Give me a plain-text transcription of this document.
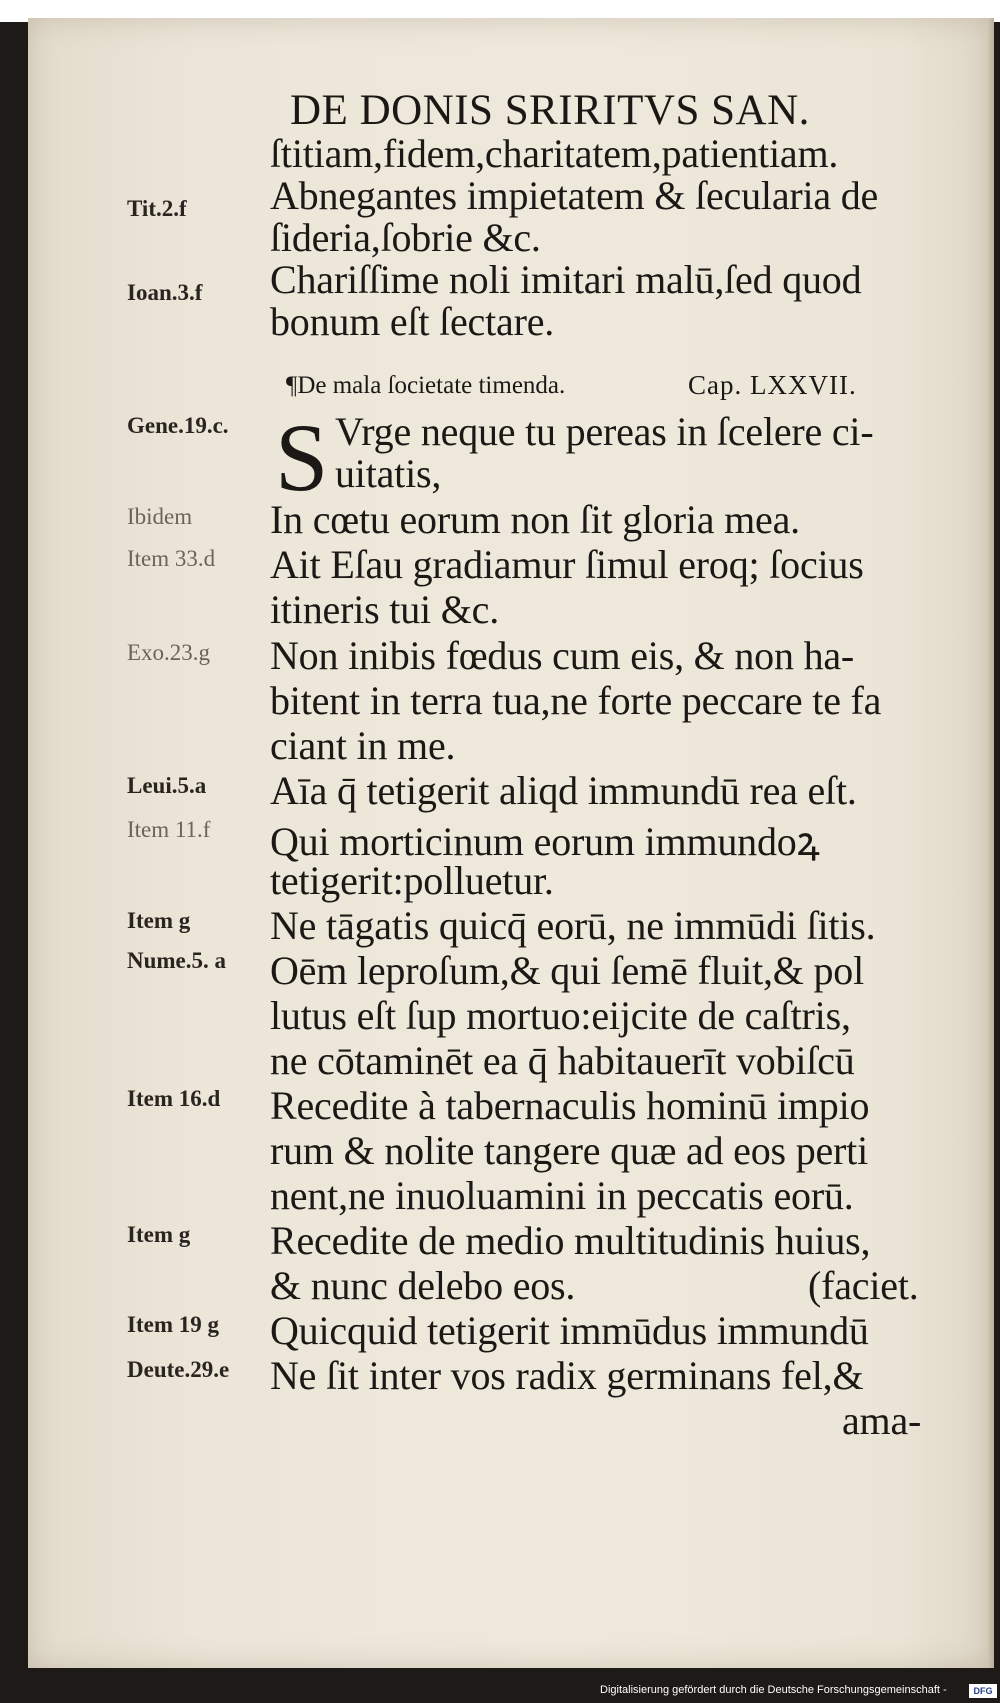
DE DONIS SRIRITVS SAN.
ſtitiam,fidem,charitatem,patientiam.
Abnegantes impietatem & ſecularia de
ſideria,ſobrie &c.
Chariſſime noli imitari malū,ſed quod
bonum eſt ſectare.
¶De mala ſocietate timenda.	Cap. LXXVII.
S Vrge neque tu pereas in ſcelere ci-
uitatis,
In cœtu eorum non ſit gloria mea.
Ait Eſau gradiamur ſimul eroq; ſocius
itineris tui &c.
Non inibis fœdus cum eis, & non ha-
bitent in terra tua,ne forte peccare te fa
ciant in me.
Aīa q̄ tetigerit aliqd immundū rea eſt.
Qui morticinum eorum immundoꝝ
tetigerit:polluetur.
Ne tāgatis quicq̄ eorū, ne immūdi ſitis.
Oēm leproſum,& qui ſemē fluit,& pol
lutus eſt ſup mortuo:eijcite de caſtris,
ne cōtaminēt ea q̄ habitauerīt vobiſcū
Recedite à tabernaculis hominū impio
rum & nolite tangere quæ ad eos perti
nent,ne inuoluamini in peccatis eorū.
Recedite de medio multitudinis huius,
& nunc delebo eos.	(faciet.
Quicquid tetigerit immūdus immundū
Ne ſit inter vos radix germinans fel,&
ama-
Tit.2.f
Ioan.3.f
Gene.19.c.
Ibidem
Item 33.d
Exo.23.g
Leui.5.a
Item 11.f
Item g
Nume.5. a
Item 16.d
Item g
Item 19 g
Deute.29.e
Digitalisierung gefördert durch die Deutsche Forschungsgemeinschaft -	DFG
